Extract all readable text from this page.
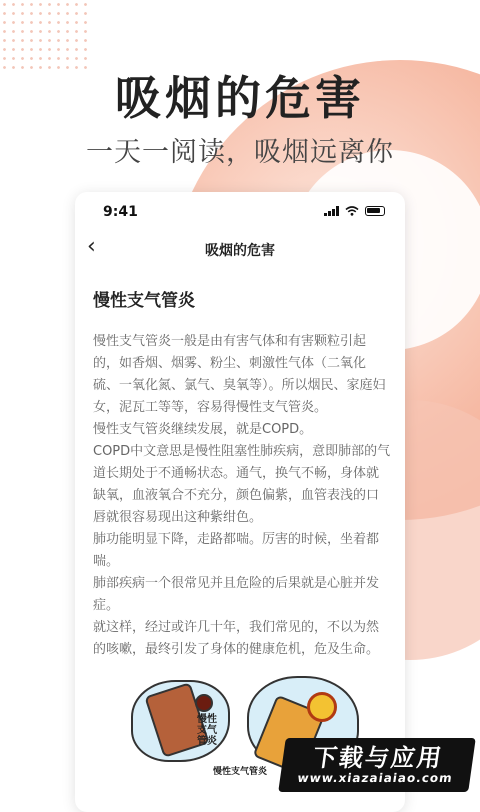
吸烟的危害
一天一阅读，吸烟远离你
9:41
‹	吸烟的危害
慢性支气管炎

慢性支气管炎一般是由有害气体和有害颗粒引起的，如香烟、烟雾、粉尘、刺激性气体（二氧化硫、一氧化氮、氯气、臭氧等）。所以烟民、家庭妇女，泥瓦工等等，容易得慢性支气管炎。

慢性支气管炎继续发展，就是COPD。

COPD中文意思是慢性阻塞性肺疾病，意即肺部的气道长期处于不通畅状态。通气，换气不畅，身体就缺氧，血液氧合不充分，颜色偏紫，血管表浅的口唇就很容易现出这种紫绀色。

肺功能明显下降，走路都喘。厉害的时候，坐着都喘。

肺部疾病一个很常见并且危险的后果就是心脏并发症。

就这样，经过或许几十年，我们常见的，不以为然的咳嗽，最终引发了身体的健康危机，危及生命。

慢性支气管炎
慢性支气管炎	下载与应用
www.xiazaiaiao.com
